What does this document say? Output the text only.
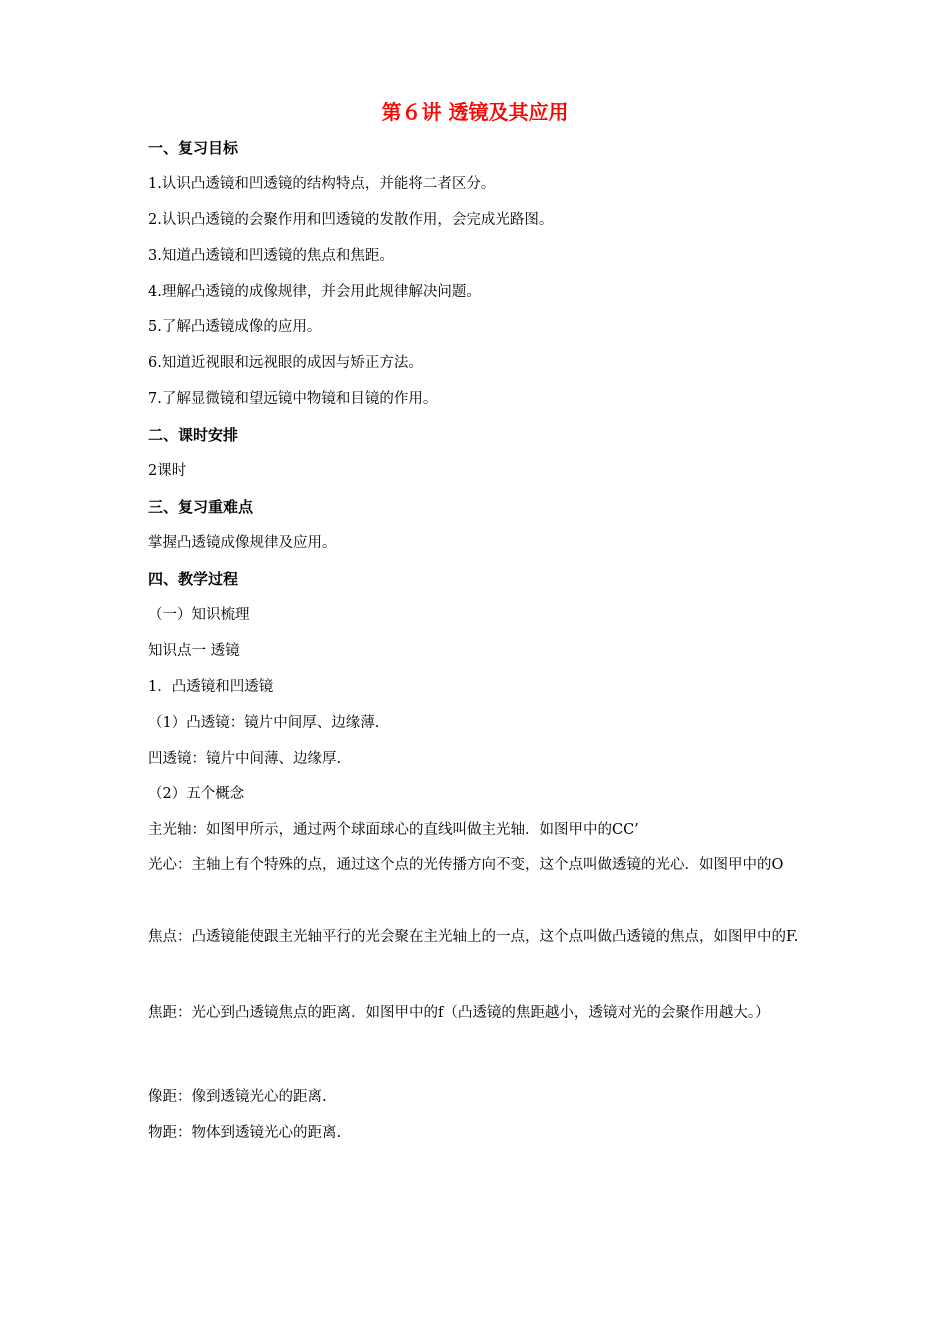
第６讲 透镜及其应用
一、复习目标
1.认识凸透镜和凹透镜的结构特点，并能将二者区分。
2.认识凸透镜的会聚作用和凹透镜的发散作用，会完成光路图。
3.知道凸透镜和凹透镜的焦点和焦距。
4.理解凸透镜的成像规律，并会用此规律解决问题。
5.了解凸透镜成像的应用。
6.知道近视眼和远视眼的成因与矫正方法。
7.了解显微镜和望远镜中物镜和目镜的作用。
二、课时安排
2课时
三、复习重难点
掌握凸透镜成像规律及应用。
四、教学过程
（一）知识梳理
知识点一 透镜
1．凸透镜和凹透镜
（1）凸透镜：镜片中间厚、边缘薄.
凹透镜：镜片中间薄、边缘厚.
（2）五个概念
主光轴：如图甲所示，通过两个球面球心的直线叫做主光轴．如图甲中的CC’
光心：主轴上有个特殊的点，通过这个点的光传播方向不变，这个点叫做透镜的光心．如图甲中的O
焦点：凸透镜能使跟主光轴平行的光会聚在主光轴上的一点，这个点叫做凸透镜的焦点，如图甲中的F.
焦距：光心到凸透镜焦点的距离．如图甲中的f（凸透镜的焦距越小，透镜对光的会聚作用越大。）
像距：像到透镜光心的距离.
物距：物体到透镜光心的距离.
